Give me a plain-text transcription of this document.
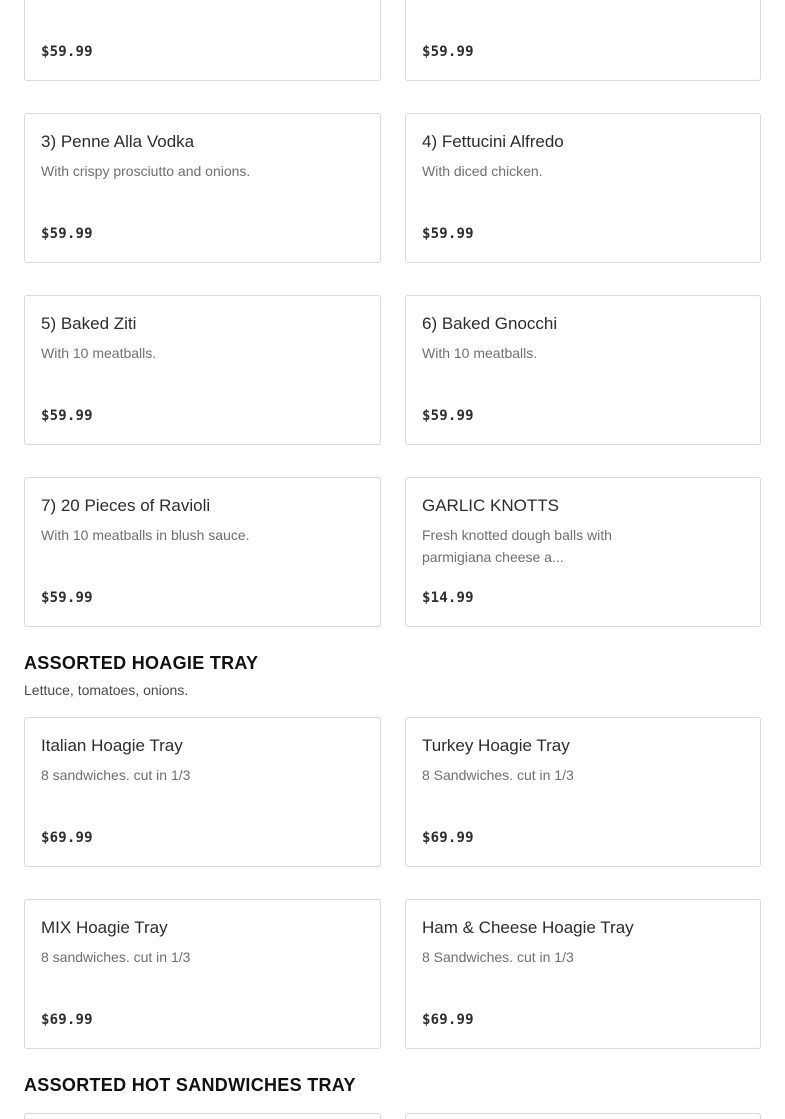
$59.99	$59.99
3) Penne Alla Vodka
With crispy prosciutto and onions.
$59.99
4) Fettucini Alfredo
With diced chicken.
$59.99
5) Baked Ziti
With 10 meatballs.
$59.99
6) Baked Gnocchi
With 10 meatballs.
$59.99
7) 20 Pieces of Ravioli
With 10 meatballs in blush sauce.
$59.99
GARLIC KNOTTS
Fresh knotted dough balls with parmigiana cheese a...
$14.99
ASSORTED HOAGIE TRAY
Lettuce, tomatoes, onions.
Italian Hoagie Tray
8 sandwiches. cut in 1/3
$69.99
Turkey Hoagie Tray
8 Sandwiches. cut in 1/3
$69.99
MIX Hoagie Tray
8 sandwiches. cut in 1/3
$69.99
Ham & Cheese Hoagie Tray
8 Sandwiches. cut in 1/3
$69.99
ASSORTED HOT SANDWICHES TRAY
